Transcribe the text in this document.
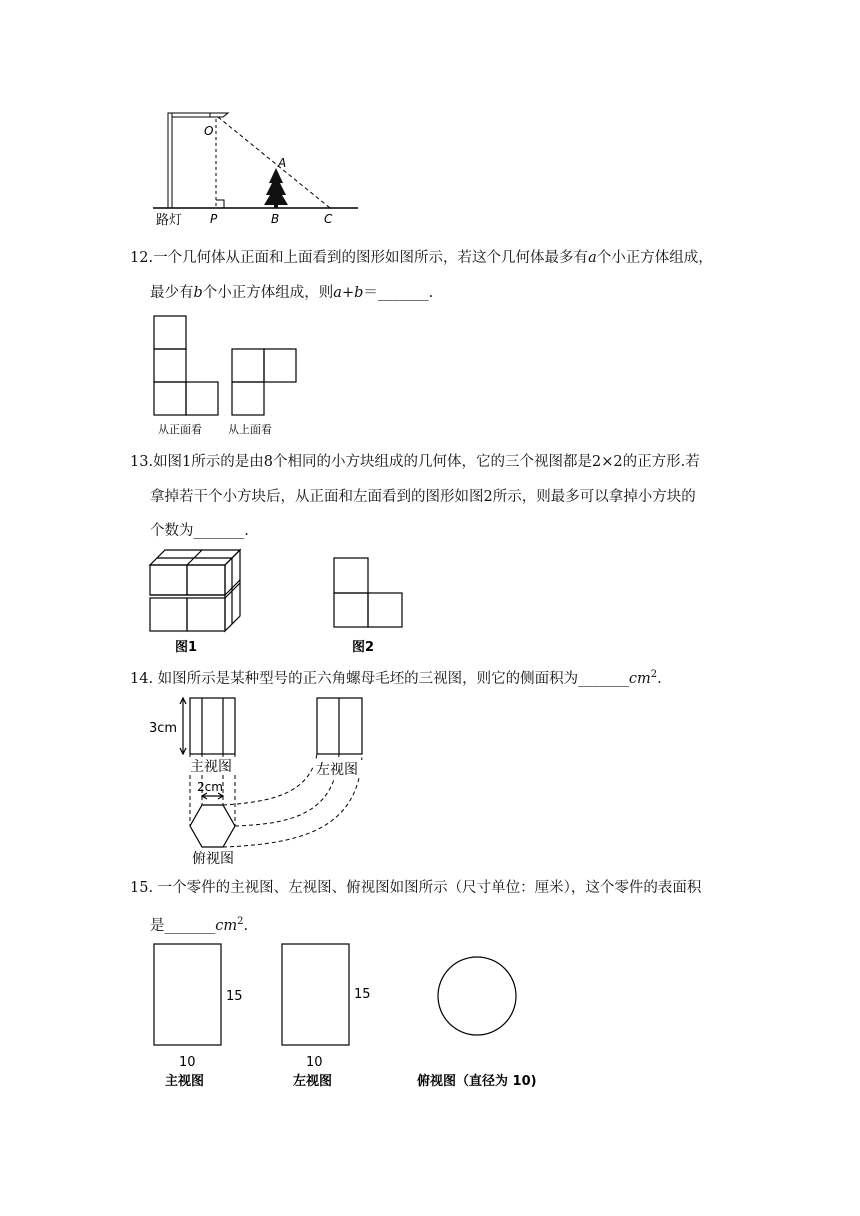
O
A
P	B	C
路灯
12.一个几何体从正面和上面看到的图形如图所示，若这个几何体最多有a个小正方体组成，
最少有b个小正方体组成，则a+b＝_______.
从正面看 从上面看
13.如图1所示的是由8个相同的小方块组成的几何体，它的三个视图都是2×2的正方形.若
拿掉若干个小方块后，从正面和左面看到的图形如图2所示，则最多可以拿掉小方块的
个数为_______.
图1	图2
14. 如图所示是某种型号的正六角螺母毛坯的三视图，则它的侧面积为$\_\_\_\_\_\_\_cm^2$.
3cm
2cm
主视图	左视图
俯视图
15. 一个零件的主视图、左视图、俯视图如图所示（尺寸单位：厘米），这个零件的表面积
是$\_\_\_\_\_\_\_cm^2$.
15
10
15
10
主视图	左视图	俯视图（直径为 10)
